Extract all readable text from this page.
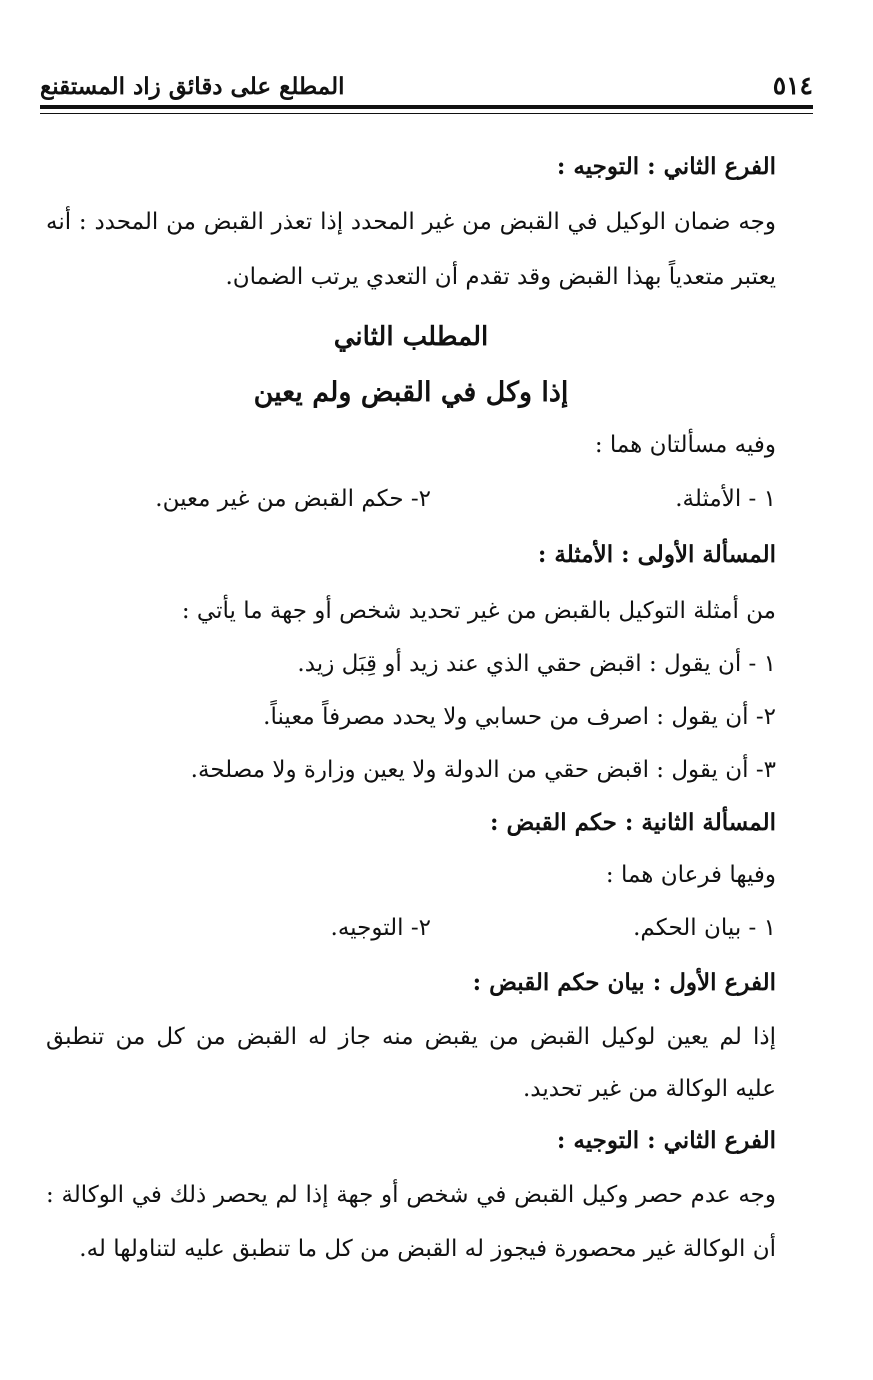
٥١٤
المطلع على دقائق زاد المستقنع
الفرع الثاني : التوجيه :
وجه ضمان الوكيل في القبض من غير المحدد إذا تعذر القبض من المحدد : أنه
يعتبر متعدياً بهذا القبض وقد تقدم أن التعدي يرتب الضمان.
المطلب الثاني
إذا وكل في القبض ولم يعين
وفيه مسألتان هما :
١ - الأمثلة.
٢- حكم القبض من غير معين.
المسألة الأولى : الأمثلة :
من أمثلة التوكيل بالقبض من غير تحديد شخص أو جهة ما يأتي :
١ - أن يقول : اقبض حقي الذي عند زيد أو قِبَل زيد.
٢- أن يقول : اصرف من حسابي ولا يحدد مصرفاً معيناً.
٣- أن يقول : اقبض حقي من الدولة ولا يعين وزارة ولا مصلحة.
المسألة الثانية : حكم القبض :
وفيها فرعان هما :
١ - بيان الحكم.
٢- التوجيه.
الفرع الأول : بيان حكم القبض :
إذا لم يعين لوكيل القبض من يقبض منه جاز له القبض من كل من تنطبق
عليه الوكالة من غير تحديد.
الفرع الثاني : التوجيه :
وجه عدم حصر وكيل القبض في شخص أو جهة إذا لم يحصر ذلك في الوكالة :
أن الوكالة غير محصورة فيجوز له القبض من كل ما تنطبق عليه لتناولها له.
